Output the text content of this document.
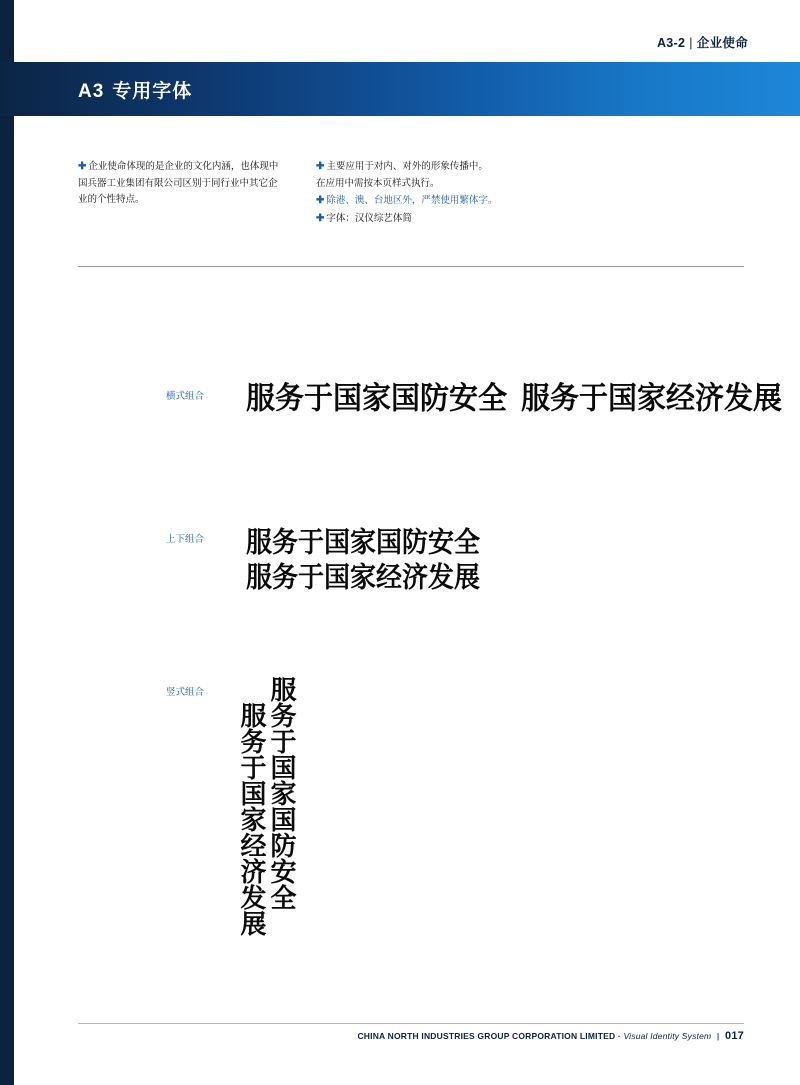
A3-2 | 企业使命
A3 专用字体
✚ 企业使命体现的是企业的文化内涵，也体现中国兵器工业集团有限公司区别于同行业中其它企业的个性特点。
✚ 主要应用于对内、对外的形象传播中。
在应用中需按本页样式执行。
✚ 除港、澳、台地区外，严禁使用繁体字。
✚ 字体：汉仪综艺体简
横式组合 服务于国家国防安全 服务于国家经济发展
上下组合 服务于国家国防安全
服务于国家经济发展
竖式组合 服务于国家国防安全
服务于国家经济发展
CHINA NORTH INDUSTRIES GROUP CORPORATION LIMITED · Visual Identity System | 017
